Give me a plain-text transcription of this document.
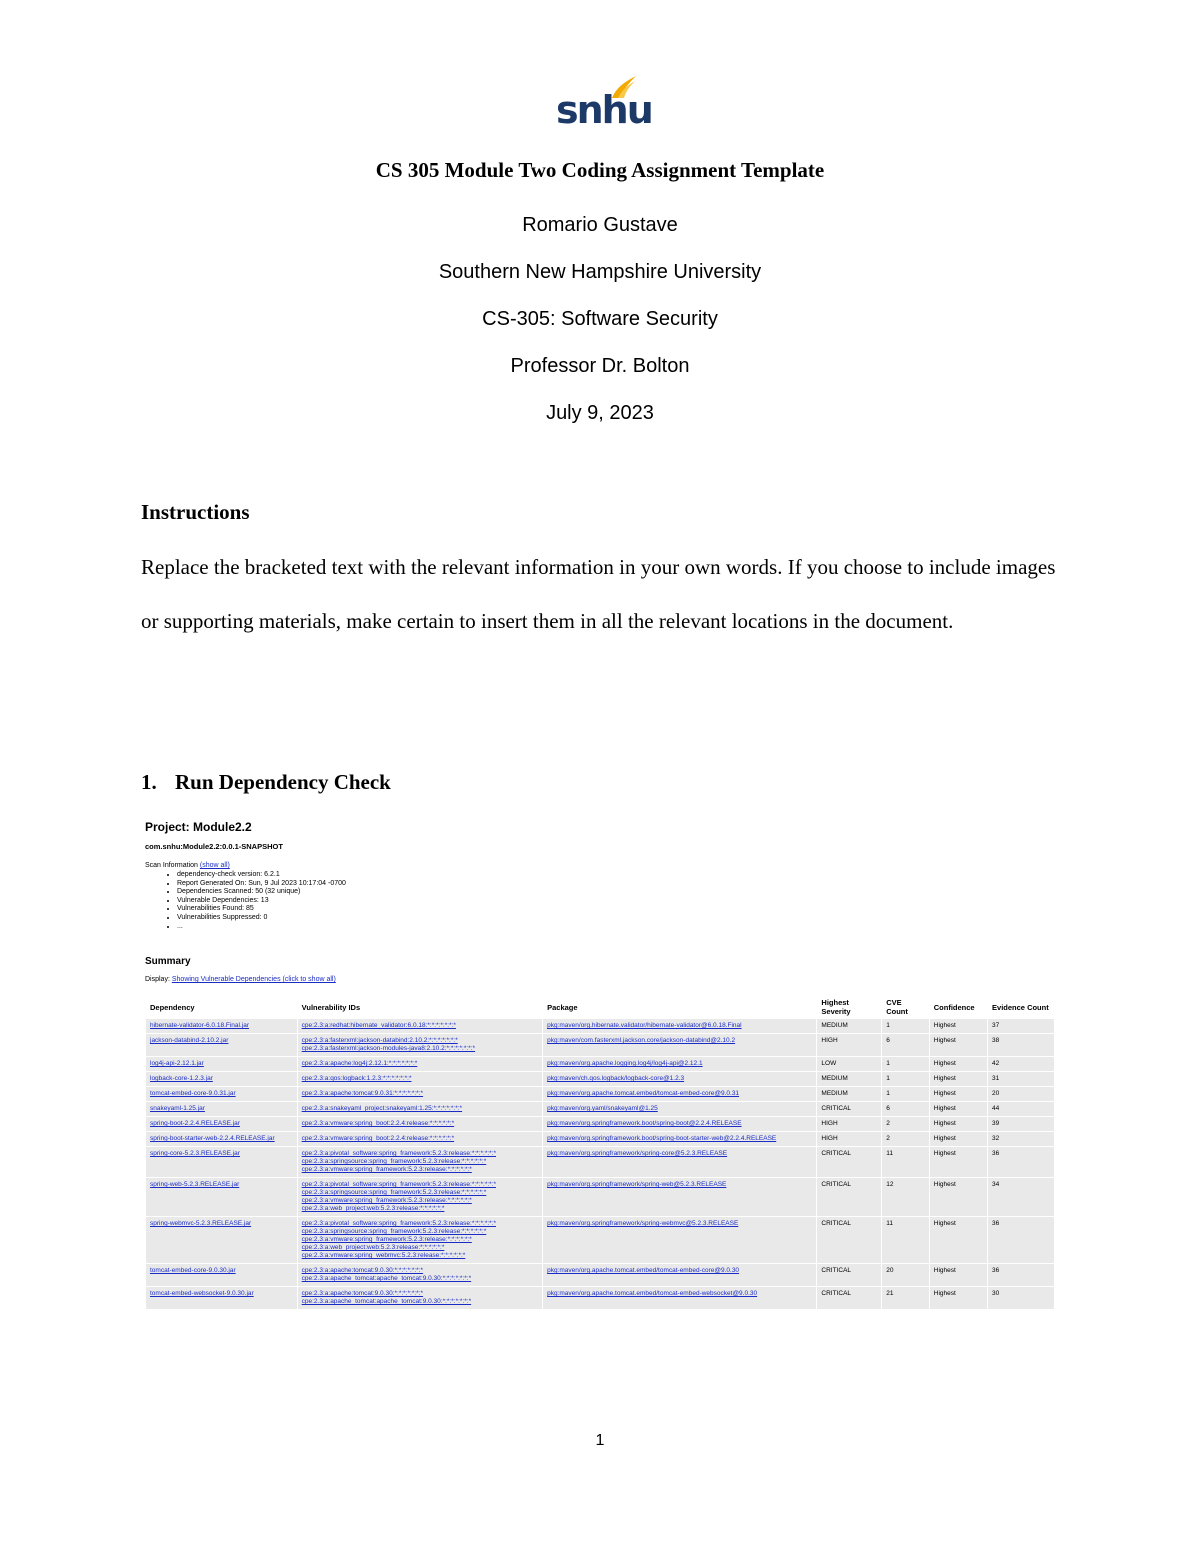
snhu
CS 305 Module Two Coding Assignment Template
Romario Gustave
Southern New Hampshire University
CS-305: Software Security
Professor Dr. Bolton
July 9, 2023
Instructions
Replace the bracketed text with the relevant information in your own words. If you choose to include images or supporting materials, make certain to insert them in all the relevant locations in the document.
1. Run Dependency Check
Project: Module2.2
com.snhu:Module2.2:0.0.1-SNAPSHOT
Scan Information (show all)
• dependency-check version: 6.2.1
• Report Generated On: Sun, 9 Jul 2023 10:17:04 -0700
• Dependencies Scanned: 50 (32 unique)
• Vulnerable Dependencies: 13
• Vulnerabilities Found: 85
• Vulnerabilities Suppressed: 0
• ...
Summary
Display: Showing Vulnerable Dependencies (click to show all)
Dependency	Vulnerability IDs	Package	Highest Severity	CVE Count	Confidence	Evidence Count

hibernate-validator-6.0.18.Final.jar	cpe:2.3:a:redhat:hibernate_validator:6.0.18:*:*:*:*:*:*:*	pkg:maven/org.hibernate.validator/hibernate-validator@6.0.18.Final	MEDIUM	1	Highest	37

jackson-databind-2.10.2.jar	cpe:2.3:a:fasterxml:jackson-databind:2.10.2:*:*:*:*:*:*:*
cpe:2.3:a:fasterxml:jackson-modules-java8:2.10.2:*:*:*:*:*:*:*	pkg:maven/com.fasterxml.jackson.core/jackson-databind@2.10.2	HIGH	6	Highest	38

log4j-api-2.12.1.jar	cpe:2.3:a:apache:log4j:2.12.1:*:*:*:*:*:*:*	pkg:maven/org.apache.logging.log4j/log4j-api@2.12.1	LOW	1	Highest	42

logback-core-1.2.3.jar	cpe:2.3:a:qos:logback:1.2.3:*:*:*:*:*:*:*	pkg:maven/ch.qos.logback/logback-core@1.2.3	MEDIUM	1	Highest	31

tomcat-embed-core-9.0.31.jar	cpe:2.3:a:apache:tomcat:9.0.31:*:*:*:*:*:*:*	pkg:maven/org.apache.tomcat.embed/tomcat-embed-core@9.0.31	MEDIUM	1	Highest	20

snakeyaml-1.25.jar	cpe:2.3:a:snakeyaml_project:snakeyaml:1.25:*:*:*:*:*:*:*	pkg:maven/org.yaml/snakeyaml@1.25	CRITICAL	6	Highest	44

spring-boot-2.2.4.RELEASE.jar	cpe:2.3:a:vmware:spring_boot:2.2.4:release:*:*:*:*:*:*	pkg:maven/org.springframework.boot/spring-boot@2.2.4.RELEASE	HIGH	2	Highest	39

spring-boot-starter-web-2.2.4.RELEASE.jar	cpe:2.3:a:vmware:spring_boot:2.2.4:release:*:*:*:*:*:*	pkg:maven/org.springframework.boot/spring-boot-starter-web@2.2.4.RELEASE	HIGH	2	Highest	32

spring-core-5.2.3.RELEASE.jar	cpe:2.3:a:pivotal_software:spring_framework:5.2.3:release:*:*:*:*:*:*
cpe:2.3:a:springsource:spring_framework:5.2.3:release:*:*:*:*:*:*
cpe:2.3:a:vmware:spring_framework:5.2.3:release:*:*:*:*:*:*	pkg:maven/org.springframework/spring-core@5.2.3.RELEASE	CRITICAL	11	Highest	36

spring-web-5.2.3.RELEASE.jar	cpe:2.3:a:pivotal_software:spring_framework:5.2.3:release:*:*:*:*:*:*
cpe:2.3:a:springsource:spring_framework:5.2.3:release:*:*:*:*:*:*
cpe:2.3:a:vmware:spring_framework:5.2.3:release:*:*:*:*:*:*
cpe:2.3:a:web_project:web:5.2.3:release:*:*:*:*:*:*	pkg:maven/org.springframework/spring-web@5.2.3.RELEASE	CRITICAL	12	Highest	34

spring-webmvc-5.2.3.RELEASE.jar	cpe:2.3:a:pivotal_software:spring_framework:5.2.3:release:*:*:*:*:*:*
cpe:2.3:a:springsource:spring_framework:5.2.3:release:*:*:*:*:*:*
cpe:2.3:a:vmware:spring_framework:5.2.3:release:*:*:*:*:*:*
cpe:2.3:a:web_project:web:5.2.3:release:*:*:*:*:*:*
cpe:2.3:a:vmware:spring_webmvc:5.2.3:release:*:*:*:*:*:*	pkg:maven/org.springframework/spring-webmvc@5.2.3.RELEASE	CRITICAL	11	Highest	36

tomcat-embed-core-9.0.30.jar	cpe:2.3:a:apache:tomcat:9.0.30:*:*:*:*:*:*:*
cpe:2.3:a:apache_tomcat:apache_tomcat:9.0.30:*:*:*:*:*:*:*	pkg:maven/org.apache.tomcat.embed/tomcat-embed-core@9.0.30	CRITICAL	20	Highest	36

tomcat-embed-websocket-9.0.30.jar	cpe:2.3:a:apache:tomcat:9.0.30:*:*:*:*:*:*:*
cpe:2.3:a:apache_tomcat:apache_tomcat:9.0.30:*:*:*:*:*:*:*	pkg:maven/org.apache.tomcat.embed/tomcat-embed-websocket@9.0.30	CRITICAL	21	Highest	30
1
